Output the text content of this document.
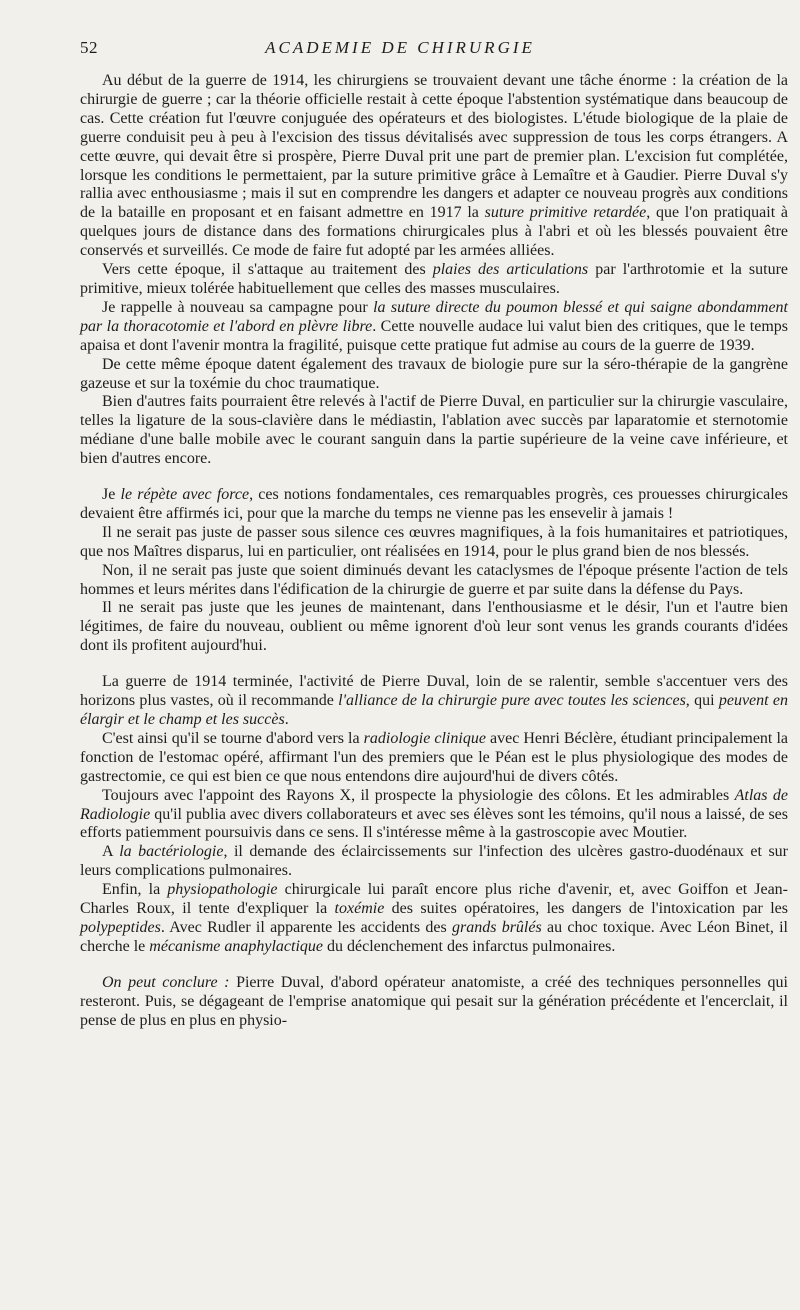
52	ACADEMIE DE CHIRURGIE

Au début de la guerre de 1914, les chirurgiens se trouvaient devant une tâche énorme : la création de la chirurgie de guerre ; car la théorie officielle restait à cette époque l'abstention systématique dans beaucoup de cas. Cette création fut l'œuvre conjuguée des opérateurs et des biologistes. L'étude biologique de la plaie de guerre conduisit peu à peu à l'excision des tissus dévitalisés avec suppression de tous les corps étrangers. A cette œuvre, qui devait être si prospère, Pierre Duval prit une part de premier plan. L'excision fut complétée, lorsque les conditions le permettaient, par la suture primitive grâce à Lemaître et à Gaudier. Pierre Duval s'y rallia avec enthousiasme ; mais il sut en comprendre les dangers et adapter ce nouveau progrès aux conditions de la bataille en proposant et en faisant admettre en 1917 la suture primitive retardée, que l'on pratiquait à quelques jours de distance dans des formations chirurgicales plus à l'abri et où les blessés pouvaient être conservés et surveillés. Ce mode de faire fut adopté par les armées alliées.

Vers cette époque, il s'attaque au traitement des plaies des articulations par l'arthrotomie et la suture primitive, mieux tolérée habituellement que celles des masses musculaires.

Je rappelle à nouveau sa campagne pour la suture directe du poumon blessé et qui saigne abondamment par la thoracotomie et l'abord en plèvre libre. Cette nouvelle audace lui valut bien des critiques, que le temps apaisa et dont l'avenir montra la fragilité, puisque cette pratique fut admise au cours de la guerre de 1939.

De cette même époque datent également des travaux de biologie pure sur la séro-thérapie de la gangrène gazeuse et sur la toxémie du choc traumatique.

Bien d'autres faits pourraient être relevés à l'actif de Pierre Duval, en particulier sur la chirurgie vasculaire, telles la ligature de la sous-clavière dans le médiastin, l'ablation avec succès par laparatomie et sternotomie médiane d'une balle mobile avec le courant sanguin dans la partie supérieure de la veine cave inférieure, et bien d'autres encore.

Je le répète avec force, ces notions fondamentales, ces remarquables progrès, ces prouesses chirurgicales devaient être affirmés ici, pour que la marche du temps ne vienne pas les ensevelir à jamais !

Il ne serait pas juste de passer sous silence ces œuvres magnifiques, à la fois humanitaires et patriotiques, que nos Maîtres disparus, lui en particulier, ont réalisées en 1914, pour le plus grand bien de nos blessés.

Non, il ne serait pas juste que soient diminués devant les cataclysmes de l'époque présente l'action de tels hommes et leurs mérites dans l'édification de la chirurgie de guerre et par suite dans la défense du Pays.

Il ne serait pas juste que les jeunes de maintenant, dans l'enthousiasme et le désir, l'un et l'autre bien légitimes, de faire du nouveau, oublient ou même ignorent d'où leur sont venus les grands courants d'idées dont ils profitent aujourd'hui.

La guerre de 1914 terminée, l'activité de Pierre Duval, loin de se ralentir, semble s'accentuer vers des horizons plus vastes, où il recommande l'alliance de la chirurgie pure avec toutes les sciences, qui peuvent en élargir et le champ et les succès.

C'est ainsi qu'il se tourne d'abord vers la radiologie clinique avec Henri Béclère, étudiant principalement la fonction de l'estomac opéré, affirmant l'un des premiers que le Péan est le plus physiologique des modes de gastrectomie, ce qui est bien ce que nous entendons dire aujourd'hui de divers côtés.

Toujours avec l'appoint des Rayons X, il prospecte la physiologie des côlons. Et les admirables Atlas de Radiologie qu'il publia avec divers collaborateurs et avec ses élèves sont les témoins, qu'il nous a laissé, de ses efforts patiemment poursuivis dans ce sens. Il s'intéresse même à la gastroscopie avec Moutier.

A la bactériologie, il demande des éclaircissements sur l'infection des ulcères gastro-duodénaux et sur leurs complications pulmonaires.

Enfin, la physiopathologie chirurgicale lui paraît encore plus riche d'avenir, et, avec Goiffon et Jean-Charles Roux, il tente d'expliquer la toxémie des suites opératoires, les dangers de l'intoxication par les polypeptides. Avec Rudler il apparente les accidents des grands brûlés au choc toxique. Avec Léon Binet, il cherche le mécanisme anaphylactique du déclenchement des infarctus pulmonaires.

On peut conclure : Pierre Duval, d'abord opérateur anatomiste, a créé des techniques personnelles qui resteront. Puis, se dégageant de l'emprise anatomique qui pesait sur la génération précédente et l'encerclait, il pense de plus en plus en physio-
